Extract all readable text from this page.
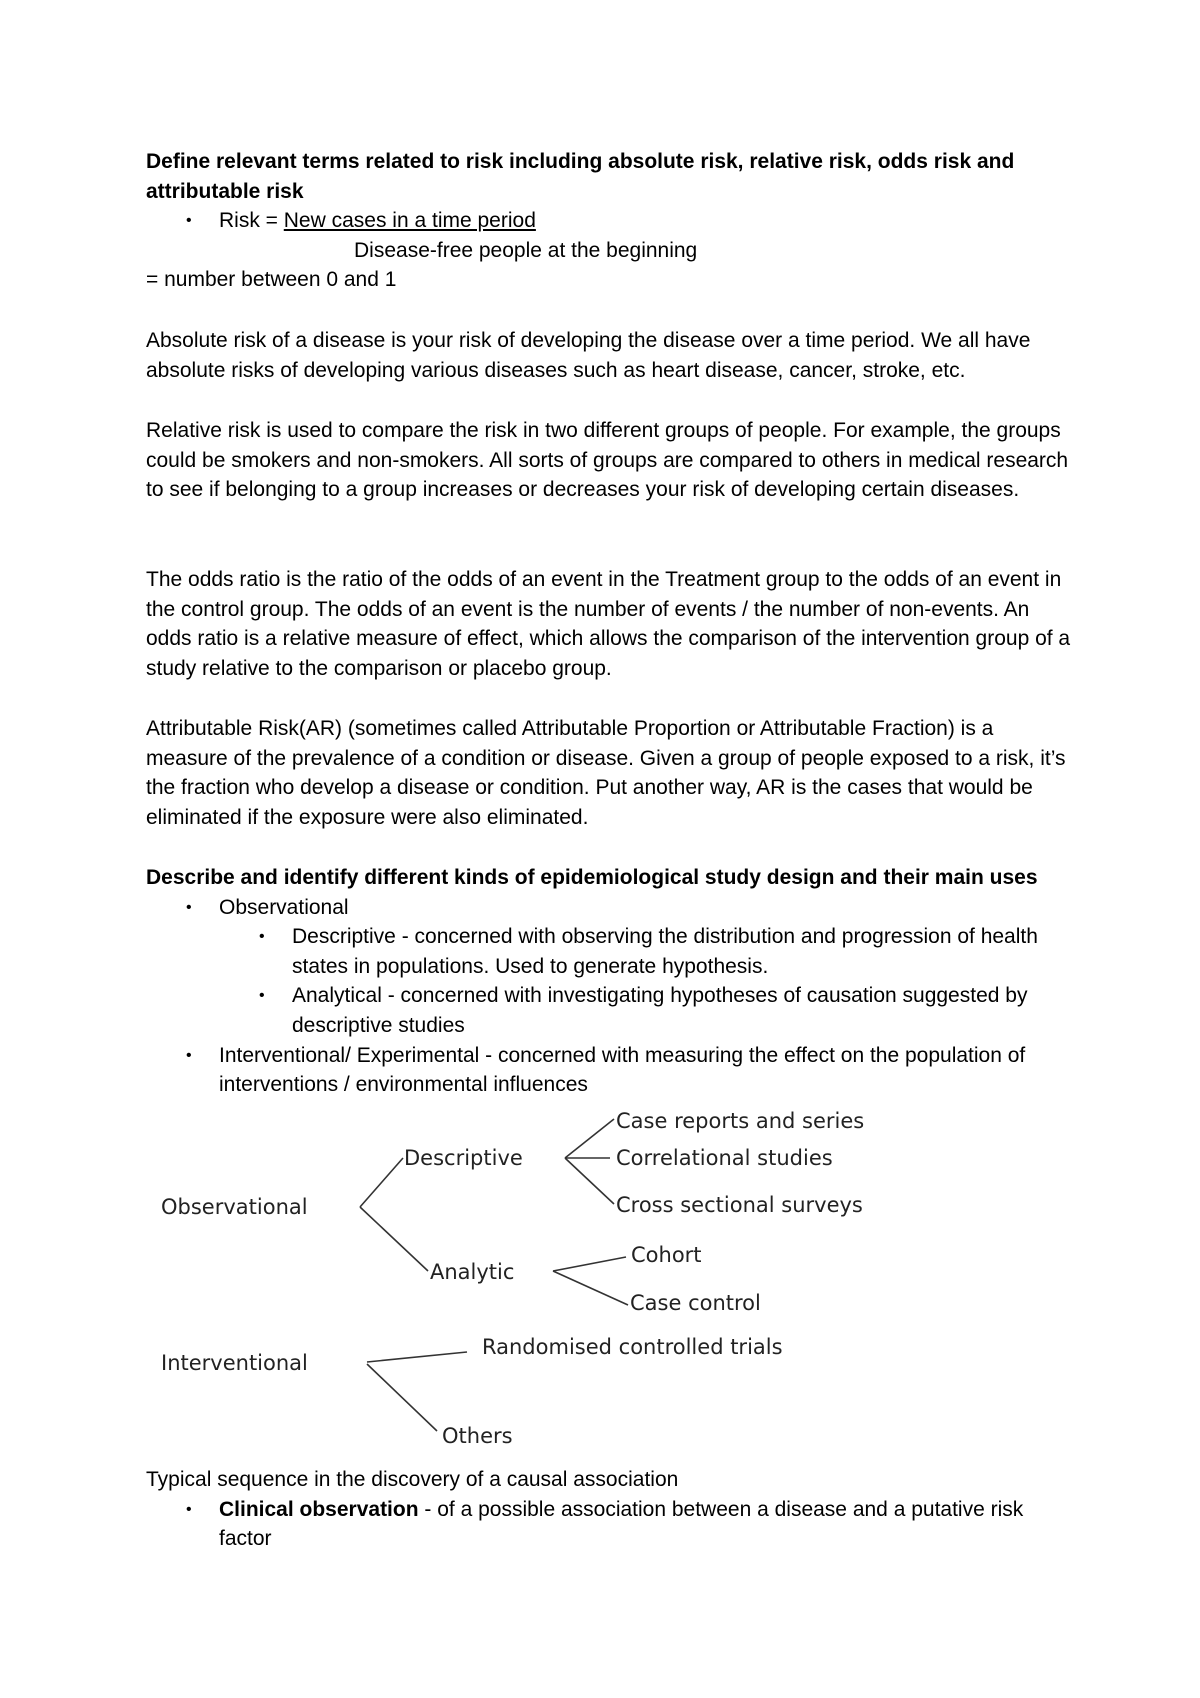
Define relevant terms related to risk including absolute risk, relative risk, odds risk and attributable risk

• Risk = New cases in a time period
Disease-free people at the beginning

= number between 0 and 1

Absolute risk of a disease is your risk of developing the disease over a time period. We all have absolute risks of developing various diseases such as heart disease, cancer, stroke, etc.

Relative risk is used to compare the risk in two different groups of people. For example, the groups could be smokers and non-smokers. All sorts of groups are compared to others in medical research to see if belonging to a group increases or decreases your risk of developing certain diseases.

The odds ratio is the ratio of the odds of an event in the Treatment group to the odds of an event in the control group. The odds of an event is the number of events / the number of non-events. An odds ratio is a relative measure of effect, which allows the comparison of the intervention group of a study relative to the comparison or placebo group.

Attributable Risk(AR) (sometimes called Attributable Proportion or Attributable Fraction) is a measure of the prevalence of a condition or disease. Given a group of people exposed to a risk, it’s the fraction who develop a disease or condition. Put another way, AR is the cases that would be eliminated if the exposure were also eliminated.

Describe and identify different kinds of epidemiological study design and their main uses

• Observational
• Descriptive - concerned with observing the distribution and progression of health states in populations. Used to generate hypothesis.
• Analytical - concerned with investigating hypotheses of causation suggested by descriptive studies
• Interventional/ Experimental - concerned with measuring the effect on the population of interventions / environmental influences
Observational
Descriptive
Analytic
Case reports and series
Correlational studies
Cross sectional surveys
Cohort
Case control
Interventional
Randomised controlled trials
Others

Typical sequence in the discovery of a causal association

• Clinical observation - of a possible association between a disease and a putative risk factor
